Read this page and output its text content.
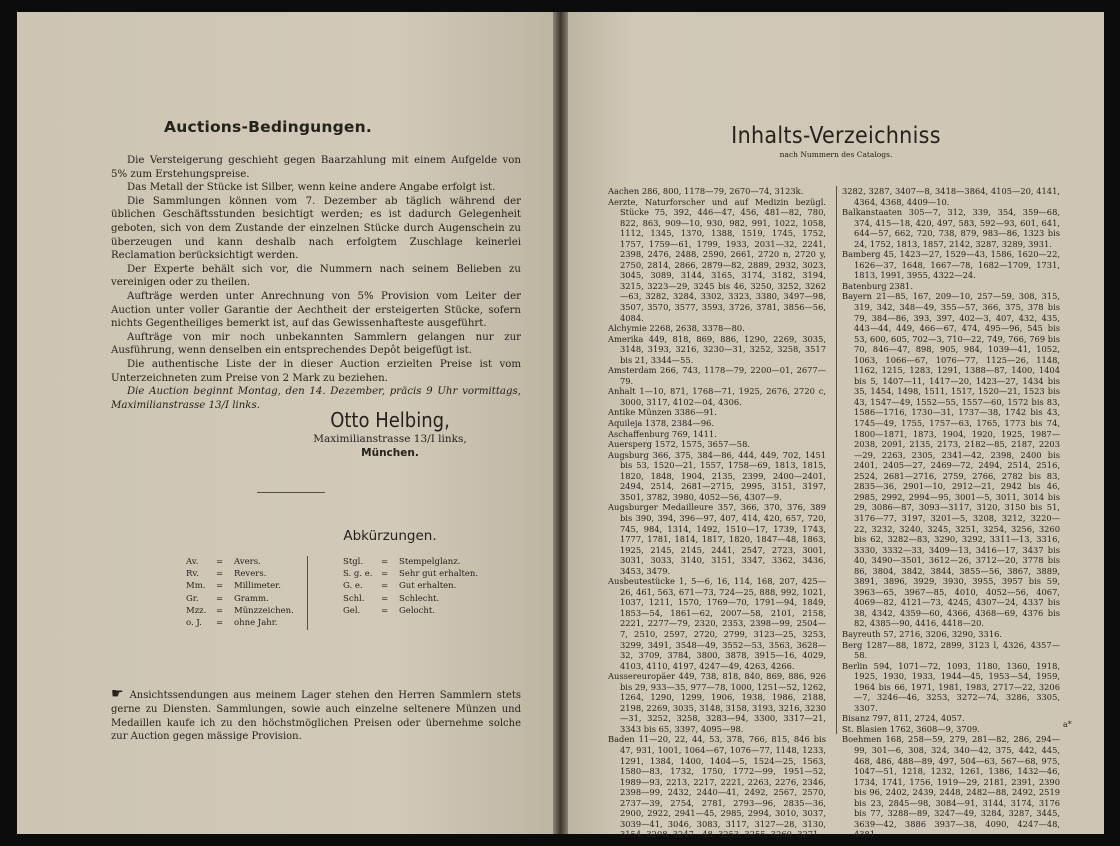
Auctions-Bedingungen.

Die Versteigerung geschieht gegen Baarzahlung mit einem Aufgelde von 5% zum Erstehungspreise.

Das Metall der Stücke ist Silber, wenn keine andere Angabe erfolgt ist.

Die Sammlungen können vom 7. Dezember ab täglich während der üblichen Geschäftsstunden besichtigt werden; es ist dadurch Gelegenheit geboten, sich von dem Zustande der einzelnen Stücke durch Augenschein zu überzeugen und kann deshalb nach erfolgtem Zuschlage keinerlei Reclamation berücksichtigt werden.

Der Experte behält sich vor, die Nummern nach seinem Belieben zu vereinigen oder zu theilen.

Aufträge werden unter Anrechnung von 5% Provision vom Leiter der Auction unter voller Garantie der Aechtheit der ersteigerten Stücke, sofern nichts Gegentheiliges bemerkt ist, auf das Gewissenhafteste ausgeführt.

Aufträge von mir noch unbekannten Sammlern gelangen nur zur Ausführung, wenn denselben ein entsprechendes Depôt beigefügt ist.

Die authentische Liste der in dieser Auction erzielten Preise ist vom Unterzeichneten zum Preise von 2 Mark zu beziehen.

Die Auction beginnt Montag, den 14. Dezember, präcis 9 Uhr vormittags, Maximilianstrasse 13/I links.

Otto Helbing,
Maximilianstrasse 13/I links,
München.
Abkürzungen.
Av. = Avers.
Rv. = Revers.
Mm. = Millimeter.
Gr. = Gramm.
Mzz. = Münzzeichen.
o. J. = ohne Jahr.
Stgl. = Stempelglanz.
S. g. e. = Sehr gut erhalten.
G. e. = Gut erhalten.
Schl. = Schlecht.
Gel. = Gelocht.
☛ Ansichtssendungen aus meinem Lager stehen den Herren Sammlern stets gerne zu Diensten. Sammlungen, sowie auch einzelne seltenere Münzen und Medaillen kaufe ich zu den höchstmöglichen Preisen oder übernehme solche zur Auction gegen mässige Provision.
Inhalts-Verzeichniss
nach Nummern des Catalogs.

Aachen 286, 800, 1178—79, 2670—74, 3123k.

Aerzte, Naturforscher und auf Medizin bezügl. Stücke 75, 392, 446—47, 456, 481—82, 780, 822, 863, 909—10, 930, 982, 991, 1022, 1058, 1112, 1345, 1370, 1388, 1519, 1745, 1752, 1757, 1759—61, 1799, 1933, 2031—32, 2241, 2398, 2476, 2488, 2590, 2661, 2720 n, 2720 y, 2750, 2814, 2866, 2879—82, 2889, 2932, 3023, 3045, 3089, 3144, 3165, 3174, 3182, 3194, 3215, 3223—29, 3245 bis 46, 3250, 3252, 3262—63, 3282, 3284, 3302, 3323, 3380, 3497—98, 3507, 3570, 3577, 3593, 3726, 3781, 3856—56, 4084.

Alchymie 2268, 2638, 3378—80.

Amerika 449, 818, 869, 886, 1290, 2269, 3035, 3148, 3193, 3216, 3230—31, 3252, 3258, 3517 bis 21, 3344—55.

Amsterdam 266, 743, 1178—79, 2200—01, 2677—79.

Anhalt 1—10, 871, 1768—71, 1925, 2676, 2720 c, 3000, 3117, 4102—04, 4306.

Antike Münzen 3386—91.

Aquileja 1378, 2384—96.

Aschaffenburg 769, 1411.

Auersperg 1572, 1575, 3657—58.

Augsburg 366, 375, 384—86, 444, 449, 702, 1451 bis 53, 1520—21, 1557, 1758—69, 1813, 1815, 1820, 1848, 1904, 2135, 2399, 2400—2401, 2494, 2514, 2681—2715, 2995, 3151, 3197, 3501, 3782, 3980, 4052—56, 4307—9.

Augsburger Medailleure 357, 366, 370, 376, 389 bis 390, 394, 396—97, 407, 414, 420, 657, 720, 745, 984, 1314, 1492, 1510—17, 1739, 1743, 1777, 1781, 1814, 1817, 1820, 1847—48, 1863, 1925, 2145, 2145, 2441, 2547, 2723, 3001, 3031, 3033, 3140, 3151, 3347, 3362, 3436, 3453, 3479.

Ausbeutestücke 1, 5—6, 16, 114, 168, 207, 425—26, 461, 563, 671—73, 724—25, 888, 992, 1021, 1037, 1211, 1570, 1769—70, 1791—94, 1849, 1853—54, 1861—62, 2007—58, 2101, 2158, 2221, 2277—79, 2320, 2353, 2398—99, 2504—7, 2510, 2597, 2720, 2799, 3123—25, 3253, 3299, 3491, 3548—49, 3552—53, 3563, 3628—32, 3709, 3784, 3800, 3878, 3915—16, 4029, 4103, 4110, 4197, 4247—49, 4263, 4266.

Aussereuropäer 449, 738, 818, 840, 869, 886, 926 bis 29, 933—35, 977—78, 1000, 1251—52, 1262, 1264, 1290, 1299, 1906, 1938, 1986, 2188, 2198, 2269, 3035, 3148, 3158, 3193, 3216, 3230—31, 3252, 3258, 3283—94, 3300, 3317—21, 3343 bis 65, 3397, 4095—98.

Baden 11—20, 22, 44, 53, 378, 766, 815, 846 bis 47, 931, 1001, 1064—67, 1076—77, 1148, 1233, 1291, 1384, 1400, 1404—5, 1524—25, 1563, 1580—83, 1732, 1750, 1772—99, 1951—52, 1989—93, 2213, 2217, 2221, 2263, 2276, 2346, 2398—99, 2432, 2440—41, 2492, 2567, 2570, 2737—39, 2754, 2781, 2793—96, 2835—36, 2900, 2922, 2941—45, 2985, 2994, 3010, 3037, 3039—41, 3046, 3083, 3117, 3127—28, 3130, 3154, 3208, 3247—48, 3253, 3255, 3260, 3271,

3282, 3287, 3407—8, 3418—3864, 4105—20, 4141, 4364, 4368, 4409—10.

Balkanstaaten 305—7, 312, 339, 354, 359—68, 374, 415—18, 420, 497, 583, 592—93, 601, 641, 644—57, 662, 720, 738, 879, 983—86, 1323 bis 24, 1752, 1813, 1857, 2142, 3287, 3289, 3931.

Bamberg 45, 1423—27, 1529—43, 1586, 1620—22, 1626—37, 1648, 1667—78, 1682—1709, 1731, 1813, 1991, 3955, 4322—24.

Batenburg 2381.

Bayern 21—85, 167, 209—10, 257—59, 308, 315, 319, 342, 348—49, 355—57, 366, 375, 378 bis 79, 384—86, 393, 397, 402—3, 407, 432, 435, 443—44, 449, 466—67, 474, 495—96, 545 bis 53, 600, 605, 702—3, 710—22, 749, 766, 769 bis 70, 846—47, 898, 905, 984, 1039—41, 1052, 1063, 1066—67, 1076—77, 1125—26, 1148, 1162, 1215, 1283, 1291, 1388—87, 1400, 1404 bis 5, 1407—11, 1417—20, 1423—27, 1434 bis 35, 1454, 1498, 1511, 1517, 1520—21, 1523 bis 43, 1547—49, 1552—55, 1557—60, 1572 bis 83, 1586—1716, 1730—31, 1737—38, 1742 bis 43, 1745—49, 1755, 1757—63, 1765, 1773 bis 74, 1800—1871, 1873, 1904, 1920, 1925, 1987—2038, 2091, 2135, 2173, 2182—85, 2187, 2203—29, 2263, 2305, 2341—42, 2398, 2400 bis 2401, 2405—27, 2469—72, 2494, 2514, 2516, 2524, 2681—2716, 2759, 2766, 2782 bis 83, 2835—36, 2901—10, 2912—21, 2942 bis 46, 2985, 2992, 2994—95, 3001—5, 3011, 3014 bis 29, 3086—87, 3093—3117, 3120, 3150 bis 51, 3176—77, 3197, 3201—5, 3208, 3212, 3220—22, 3232, 3240, 3245, 3251, 3254, 3256, 3260 bis 62, 3282—83, 3290, 3292, 3311—13, 3316, 3330, 3332—33, 3409—13, 3416—17, 3437 bis 40, 3490—3501, 3612—26, 3712—20, 3778 bis 86, 3804, 3842, 3844, 3855—56, 3867, 3889, 3891, 3896, 3929, 3930, 3955, 3957 bis 59, 3963—65, 3967—85, 4010, 4052—56, 4067, 4069—82, 4121—73, 4245, 4307—24, 4337 bis 38, 4342, 4359—60, 4366, 4368—69, 4376 bis 82, 4385—90, 4416, 4418—20.

Bayreuth 57, 2716, 3206, 3290, 3316.

Berg 1287—88, 1872, 2899, 3123 l, 4326, 4357—58.

Berlin 594, 1071—72, 1093, 1180, 1360, 1918, 1925, 1930, 1933, 1944—45, 1953—54, 1959, 1964 bis 66, 1971, 1981, 1983, 2717—22, 3206—7, 3246—46, 3253, 3272—74, 3286, 3305, 3307.

Bisanz 797, 811, 2724, 4057.

St. Blasien 1762, 3608—9, 3709.

Boehmen 168, 258—59, 279, 281—82, 286, 294—99, 301—6, 308, 324, 340—42, 375, 442, 445, 468, 486, 488—89, 497, 504—63, 567—68, 975, 1047—51, 1218, 1232, 1261, 1386, 1432—46, 1734, 1741, 1756, 1919—29, 2181, 2391, 2390 bis 96, 2402, 2439, 2448, 2482—88, 2492, 2519 bis 23, 2845—98, 3084—91, 3144, 3174, 3176 bis 77, 3288—89, 3247—49, 3284, 3287, 3445, 3639—42, 3886 3937—38, 4090, 4247—48, 4381.

a*
